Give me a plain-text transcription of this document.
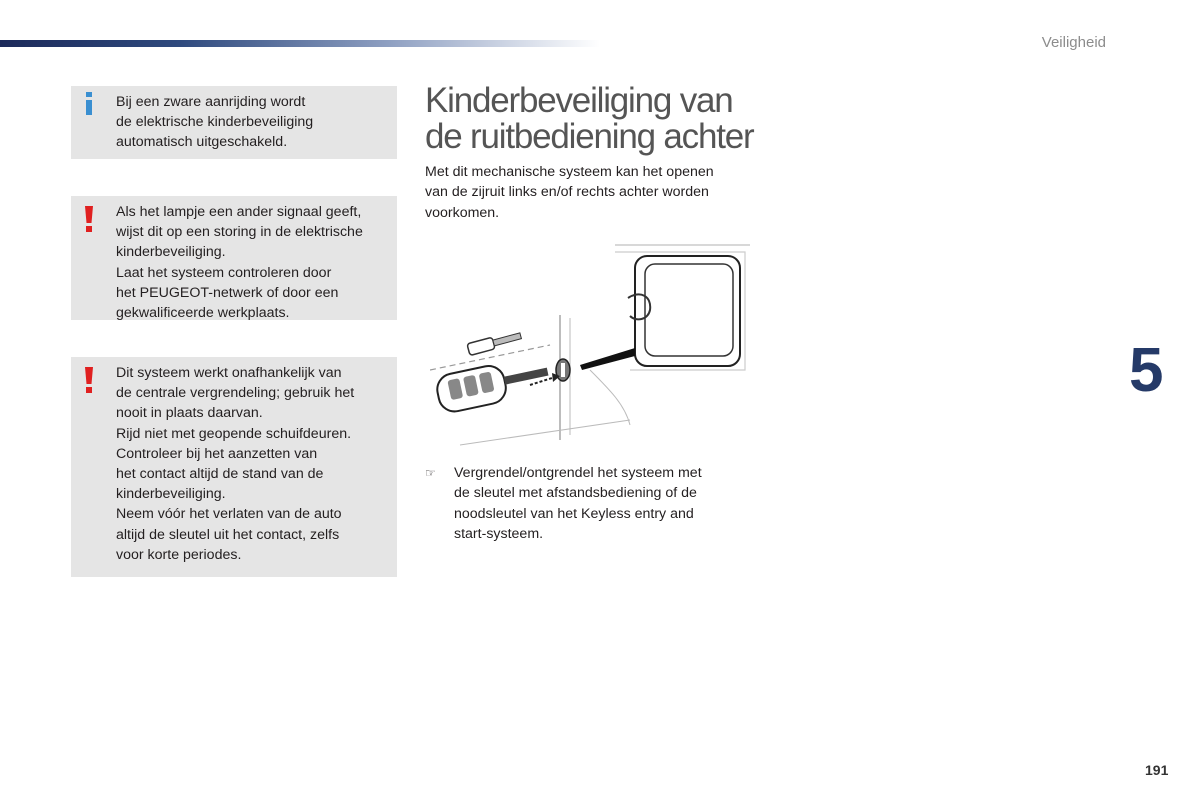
Veiligheid
5
191

Bij een zware aanrijding wordt
de elektrische kinderbeveiliging
automatisch uitgeschakeld.

Als het lampje een ander signaal geeft,
wijst dit op een storing in de elektrische
kinderbeveiliging.
Laat het systeem controleren door
het PEUGEOT-netwerk of door een
gekwalificeerde werkplaats.

Dit systeem werkt onafhankelijk van
de centrale vergrendeling; gebruik het
nooit in plaats daarvan.
Rijd niet met geopende schuifdeuren.
Controleer bij het aanzetten van
het contact altijd de stand van de
kinderbeveiliging.
Neem vóór het verlaten van de auto
altijd de sleutel uit het contact, zelfs
voor korte periodes.

Kinderbeveiliging van
de ruitbediening achter

Met dit mechanische systeem kan het openen
van de zijruit links en/of rechts achter worden
voorkomen.

☞ Vergrendel/ontgrendel het systeem met
de sleutel met afstandsbediening of de
noodsleutel van het Keyless entry and
start-systeem.
